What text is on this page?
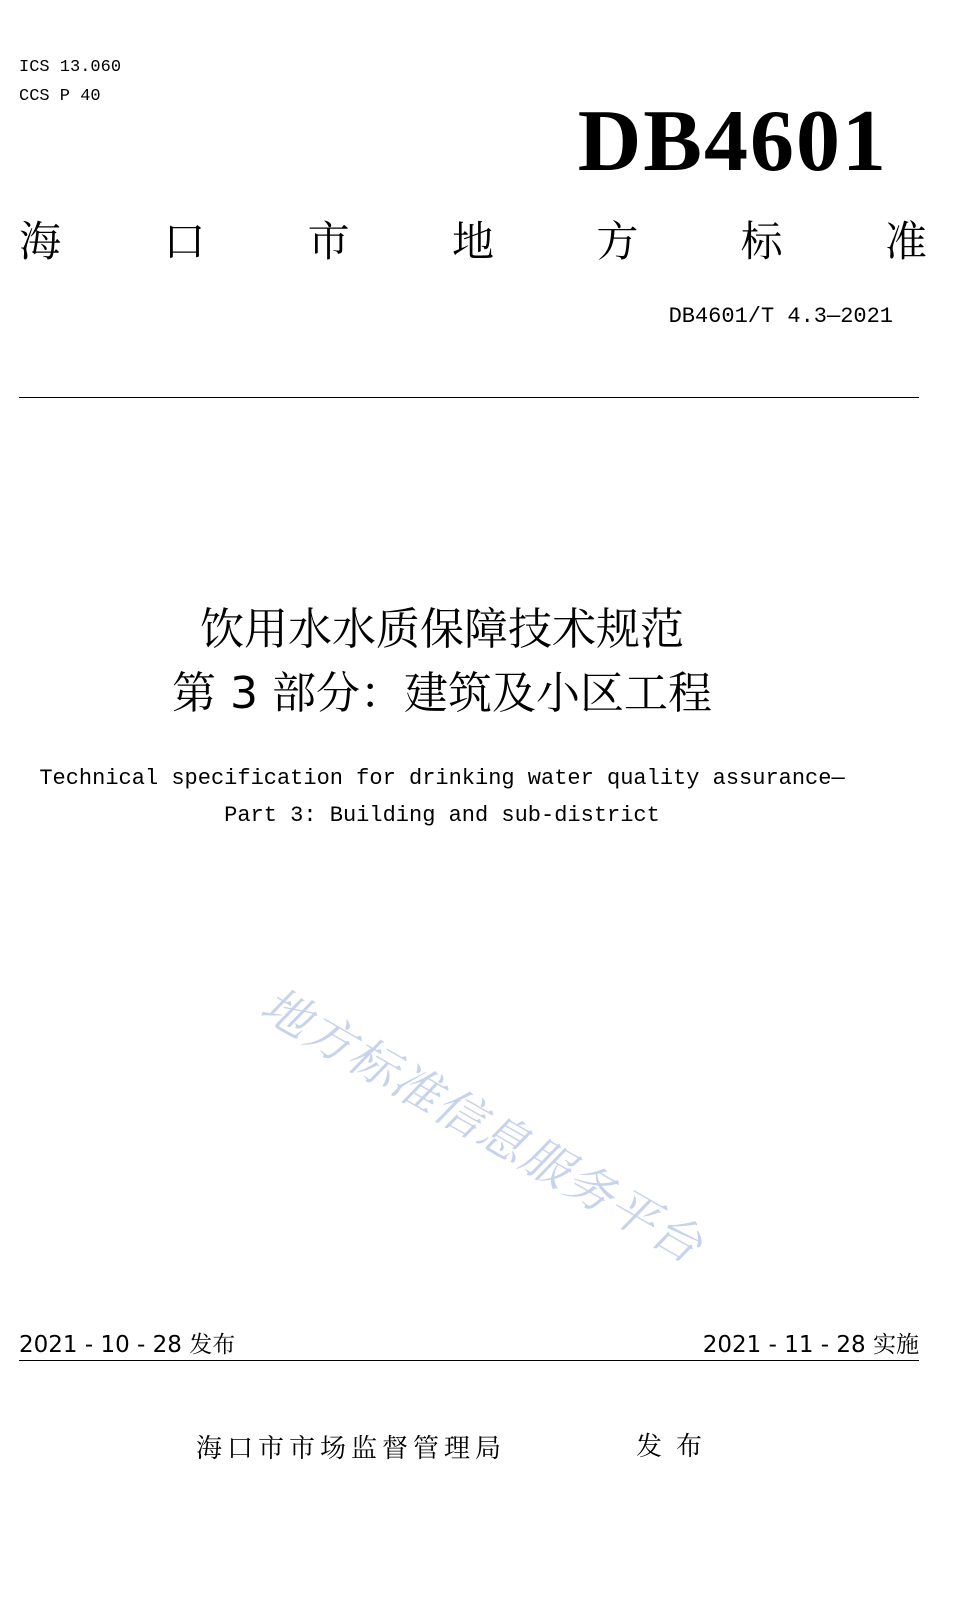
ICS 13.060
CCS P 40	DB4601
海 口 市 地 方 标 准
DB4601/T 4.3—2021
饮用水水质保障技术规范
第 3 部分：建筑及小区工程
Technical specification for drinking water quality assurance—
Part 3: Building and sub-district
地方标准信息服务平台
2021 - 10 - 28 发布	2021 - 11 - 28 实施
海口市市场监督管理局	发布
